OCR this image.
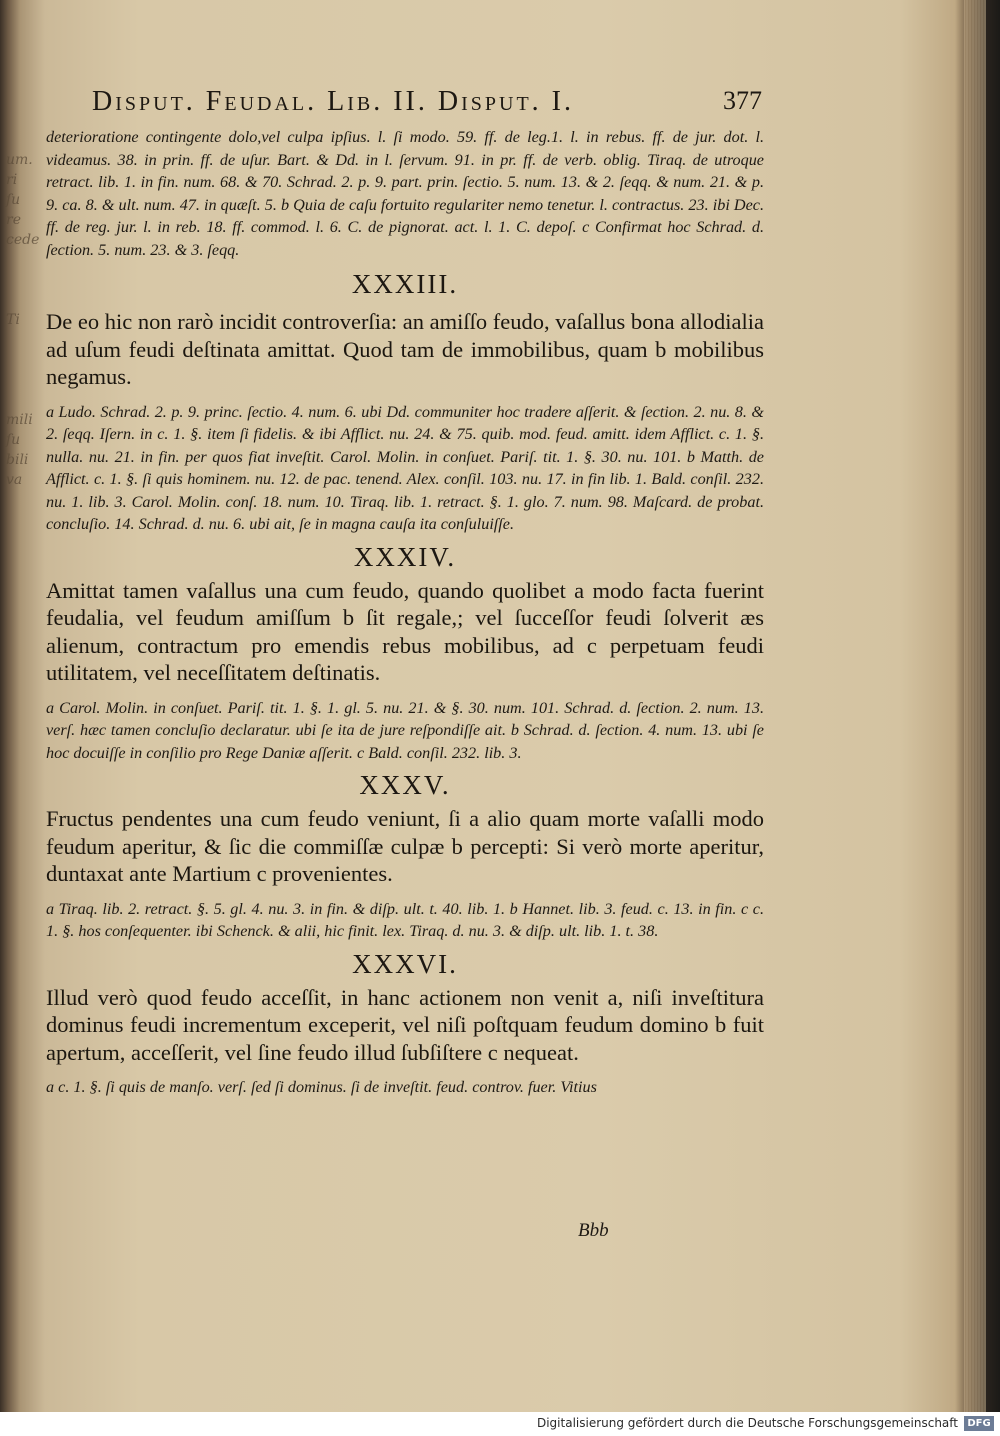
um.
ri
ſu
re
cede
Ti
mili
ſu
bili
va
Disput. Feudal. Lib. II. Disput. I.	377

deterioratione contingente dolo,vel culpa ipſius. l. ſi modo. 59. ff. de leg.1. l. in rebus. ff. de jur. dot. l. videamus. 38. in prin. ff. de uſur. Bart. & Dd. in l. ſervum. 91. in pr. ff. de verb. oblig. Tiraq. de utroque retract. lib. 1. in fin. num. 68. & 70. Schrad. 2. p. 9. part. prin. ſectio. 5. num. 13. & 2. ſeqq. & num. 21. & p. 9. ca. 8. & ult. num. 47. in quæſt. 5. b Quia de caſu fortuito regulariter nemo tenetur. l. contractus. 23. ibi Dec. ff. de reg. jur. l. in reb. 18. ff. commod. l. 6. C. de pignorat. act. l. 1. C. depoſ. c Confirmat hoc Schrad. d. ſection. 5. num. 23. & 3. ſeqq.

XXXIII.

De eo hic non rarò incidit controverſia: an amiſſo feudo, vaſallus bona allodialia ad uſum feudi deſtinata amittat. Quod tam de immobilibus, quam b mobilibus negamus.

a Ludo. Schrad. 2. p. 9. princ. ſectio. 4. num. 6. ubi Dd. communiter hoc tradere aſſerit. & ſection. 2. nu. 8. & 2. ſeqq. Iſern. in c. 1. §. item ſi fidelis. & ibi Afflict. nu. 24. & 75. quib. mod. feud. amitt. idem Afflict. c. 1. §. nulla. nu. 21. in fin. per quos fiat inveſtit. Carol. Molin. in conſuet. Pariſ. tit. 1. §. 30. nu. 101. b Matth. de Afflict. c. 1. §. ſi quis hominem. nu. 12. de pac. tenend. Alex. conſil. 103. nu. 17. in fin lib. 1. Bald. conſil. 232. nu. 1. lib. 3. Carol. Molin. conſ. 18. num. 10. Tiraq. lib. 1. retract. §. 1. glo. 7. num. 98. Maſcard. de probat. concluſio. 14. Schrad. d. nu. 6. ubi ait, ſe in magna cauſa ita conſuluiſſe.

XXXIV.

Amittat tamen vaſallus una cum feudo, quando quolibet a modo facta fuerint feudalia, vel feudum amiſſum b ſit regale,; vel ſucceſſor feudi ſolverit æs alienum, contractum pro emendis rebus mobilibus, ad c perpetuam feudi utilitatem, vel neceſſitatem deſtinatis.

a Carol. Molin. in conſuet. Pariſ. tit. 1. §. 1. gl. 5. nu. 21. & §. 30. num. 101. Schrad. d. ſection. 2. num. 13. verſ. hæc tamen concluſio declaratur. ubi ſe ita de jure reſpondiſſe ait. b Schrad. d. ſection. 4. num. 13. ubi ſe hoc docuiſſe in conſilio pro Rege Daniæ aſſerit. c Bald. conſil. 232. lib. 3.

XXXV.

Fructus pendentes una cum feudo veniunt, ſi a alio quam morte vaſalli modo feudum aperitur, & ſic die commiſſæ culpæ b percepti: Si verò morte aperitur, duntaxat ante Martium c provenientes.

a Tiraq. lib. 2. retract. §. 5. gl. 4. nu. 3. in fin. & diſp. ult. t. 40. lib. 1. b Hannet. lib. 3. feud. c. 13. in fin. c c. 1. §. hos conſequenter. ibi Schenck. & alii, hic finit. lex. Tiraq. d. nu. 3. & diſp. ult. lib. 1. t. 38.

XXXVI.

Illud verò quod feudo acceſſit, in hanc actionem non venit a, niſi inveſtitura dominus feudi incrementum exceperit, vel niſi poſtquam feudum domino b fuit apertum, acceſſerit, vel ſine feudo illud ſubſiſtere c nequeat.

a c. 1. §. ſi quis de manſo. verſ. ſed ſi dominus. ſi de inveſtit. feud. controv. fuer. Vitius

Bbb
Digitalisierung gefördert durch die Deutsche Forschungsgemeinschaft DFG
